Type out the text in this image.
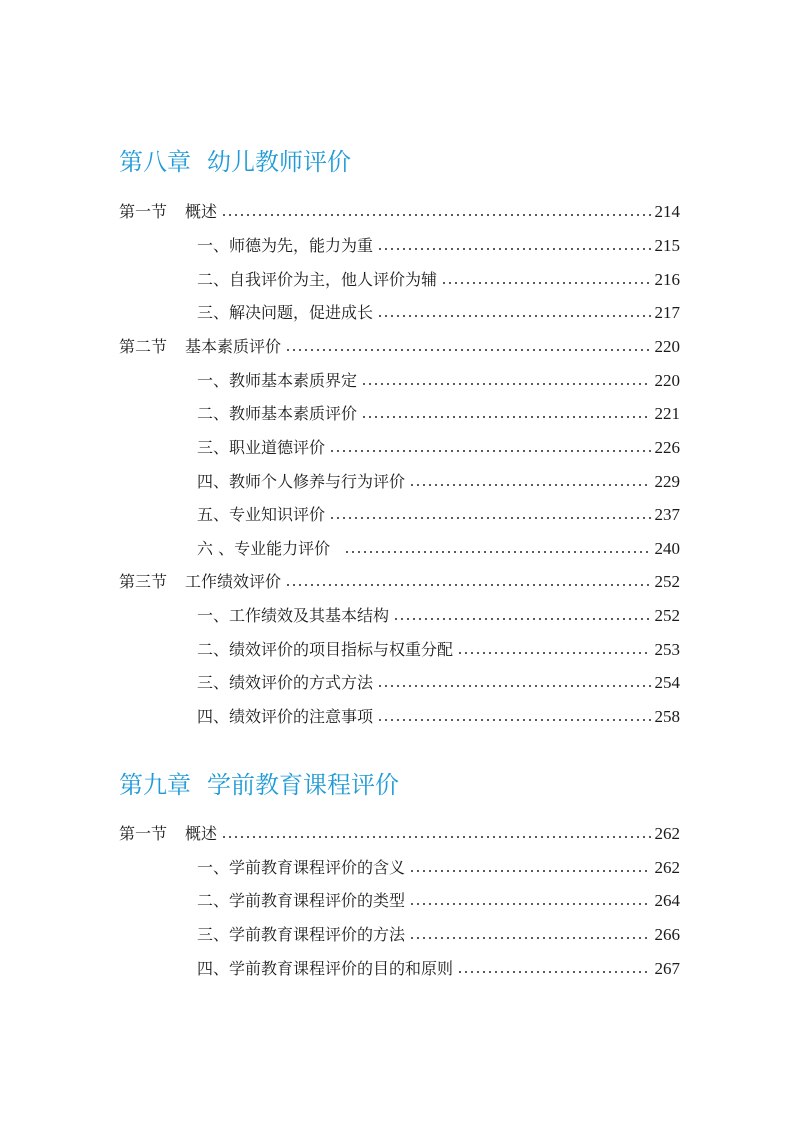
第八章 幼儿教师评价
第一节	概述	214
一、师德为先，能力为重	215
二、自我评价为主，他人评价为辅	216
三、解决问题，促进成长	217
第二节	基本素质评价	220
一、教师基本素质界定	220
二、教师基本素质评价	221
三、职业道德评价	226
四、教师个人修养与行为评价	229
五、专业知识评价	237
六 、专业能力评价	240
第三节	工作绩效评价	252
一、工作绩效及其基本结构	252
二、绩效评价的项目指标与权重分配	253
三、绩效评价的方式方法	254
四、绩效评价的注意事项	258
第九章 学前教育课程评价
第一节	概述	262
一、学前教育课程评价的含义	262
二、学前教育课程评价的类型	264
三、学前教育课程评价的方法	266
四、学前教育课程评价的目的和原则	267
